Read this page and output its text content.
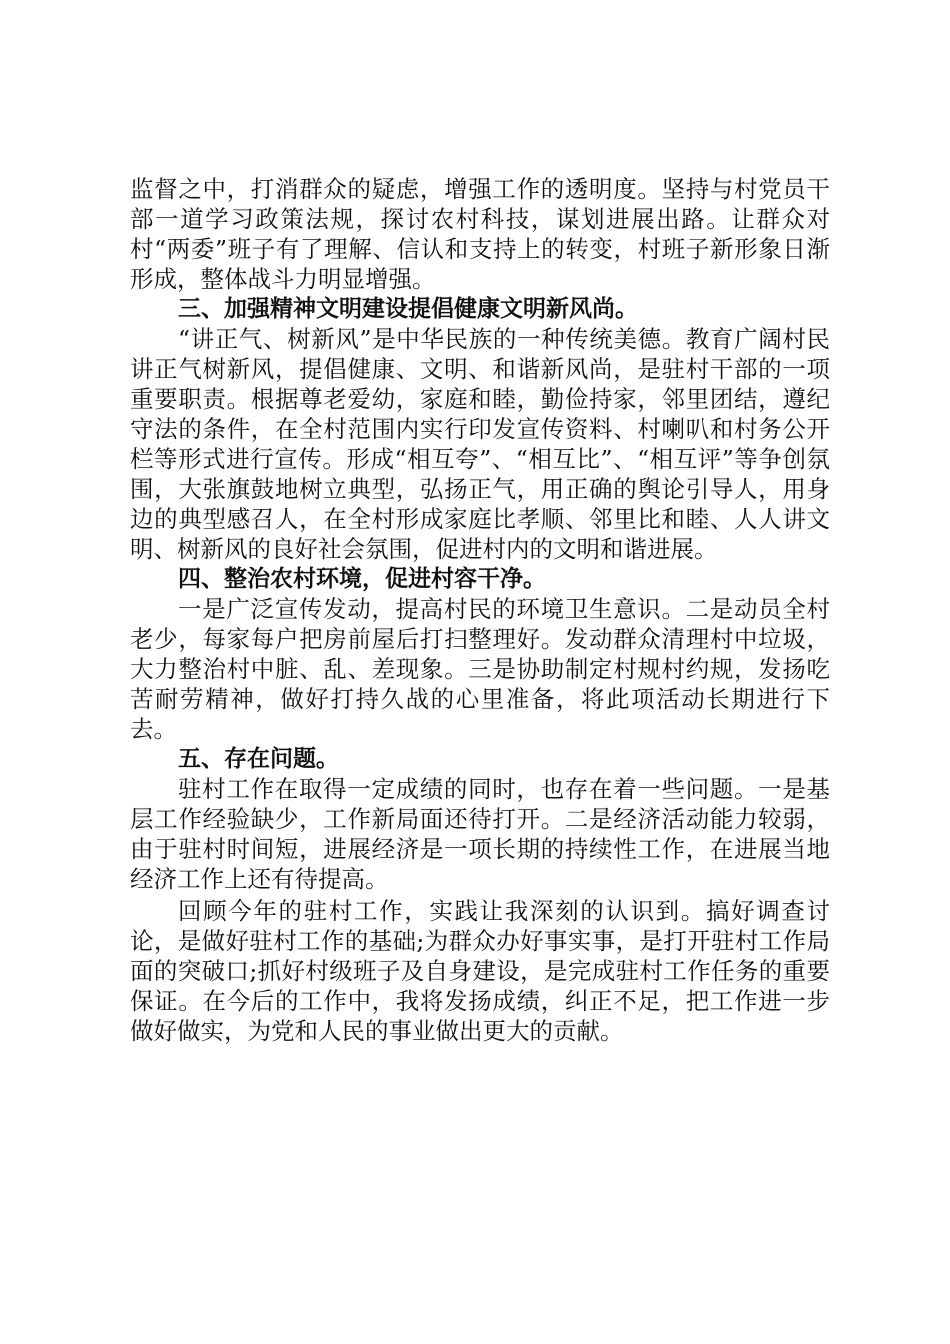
监督之中，打消群众的疑虑，增强工作的透明度。坚持与村党员干部一道学习政策法规，探讨农村科技，谋划进展出路。让群众对村“两委”班子有了理解、信认和支持上的转变，村班子新形象日渐形成，整体战斗力明显增强。

三、加强精神文明建设提倡健康文明新风尚。

“讲正气、树新风”是中华民族的一种传统美德。教育广阔村民讲正气树新风，提倡健康、文明、和谐新风尚，是驻村干部的一项重要职责。根据尊老爱幼，家庭和睦，勤俭持家，邻里团结，遵纪守法的条件，在全村范围内实行印发宣传资料、村喇叭和村务公开栏等形式进行宣传。形成“相互夸”、“相互比”、“相互评”等争创氛围，大张旗鼓地树立典型，弘扬正气，用正确的舆论引导人，用身边的典型感召人，在全村形成家庭比孝顺、邻里比和睦、人人讲文明、树新风的良好社会氛围，促进村内的文明和谐进展。

四、整治农村环境，促进村容干净。

一是广泛宣传发动，提高村民的环境卫生意识。二是动员全村老少，每家每户把房前屋后打扫整理好。发动群众清理村中垃圾，大力整治村中脏、乱、差现象。三是协助制定村规村约规，发扬吃苦耐劳精神，做好打持久战的心里准备，将此项活动长期进行下去。

五、存在问题。

驻村工作在取得一定成绩的同时，也存在着一些问题。一是基层工作经验缺少，工作新局面还待打开。二是经济活动能力较弱，由于驻村时间短，进展经济是一项长期的持续性工作，在进展当地经济工作上还有待提高。

回顾今年的驻村工作，实践让我深刻的认识到。搞好调查讨论，是做好驻村工作的基础;为群众办好事实事，是打开驻村工作局面的突破口;抓好村级班子及自身建设，是完成驻村工作任务的重要保证。在今后的工作中，我将发扬成绩，纠正不足，把工作进一步做好做实，为党和人民的事业做出更大的贡献。
